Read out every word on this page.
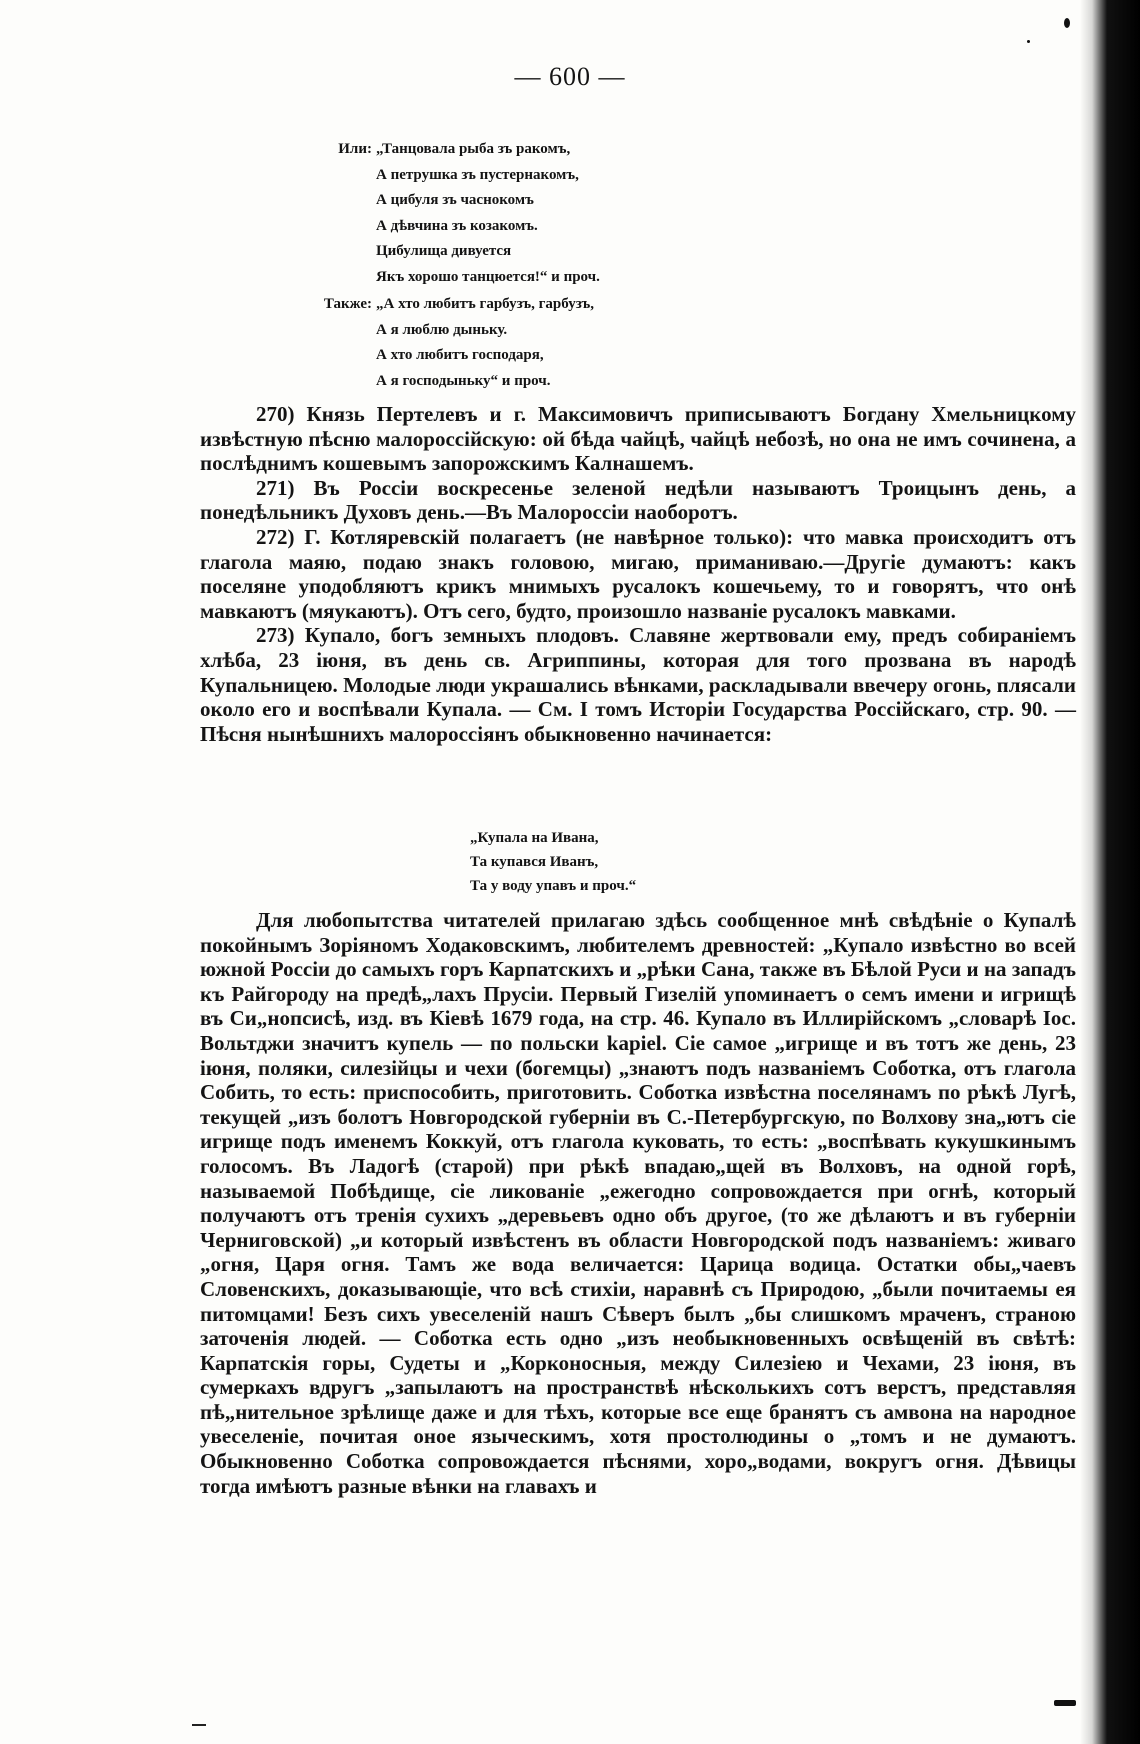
— 600 —
Или: „Танцовала рыба зъ ракомъ,
А петрушка зъ пустернакомъ,
А цибуля зъ часнокомъ
А дѣвчина зъ козакомъ.
Цибулища дивуется
Якъ хорошо танцюется!“ и проч.
Также: „А хто любитъ гарбузъ, гарбузъ,
А я люблю дыньку.
А хто любитъ господаря,
А я господыньку“ и проч.

270) Князь Пертелевъ и г. Максимовичъ приписываютъ Богдану Хмельницкому извѣстную пѣсню малороссійскую: ой бѣда чайцѣ, чайцѣ небозѣ, но она не имъ сочинена, а послѣднимъ кошевымъ запорожскимъ Калнашемъ.

271) Въ Россіи воскресенье зеленой недѣли называютъ Троицынъ день, а понедѣльникъ Духовъ день.—Въ Малороссіи наоборотъ.

272) Г. Котляревскій полагаетъ (не навѣрное только): что мавка происходитъ отъ глагола маяю, подаю знакъ головою, мигаю, приманиваю.—Другіе думаютъ: какъ поселяне уподобляютъ крикъ мнимыхъ русалокъ кошечьему, то и говорятъ, что онѣ мавкаютъ (мяукаютъ). Отъ сего, будто, произошло названіе русалокъ мавками.

273) Купало, богъ земныхъ плодовъ. Славяне жертвовали ему, предъ собираніемъ хлѣба, 23 іюня, въ день св. Агриппины, которая для того прозвана въ народѣ Купальницею. Молодые люди украшались вѣнками, раскладывали ввечеру огонь, плясали около его и воспѣвали Купала. — См. I томъ Исторіи Государства Россійскаго, стр. 90. — Пѣсня нынѣшнихъ малороссіянъ обыкновенно начинается:

„Купала на Ивана,
Та купався Иванъ,
Та у воду упавъ и проч.“

Для любопытства читателей прилагаю здѣсь сообщенное мнѣ свѣдѣніе о Купалѣ покойнымъ Зоріяномъ Ходаковскимъ, любителемъ древностей: „Купало извѣстно во всей южной Россіи до самыхъ горъ Карпатскихъ и „рѣки Сана, также въ Бѣлой Руси и на западъ къ Райгороду на предѣ„лахъ Прусіи. Первый Гизелій упоминаетъ о семъ имени и игрищѣ въ Си„нопсисѣ, изд. въ Кіевѣ 1679 года, на стр. 46. Купало въ Иллирійскомъ „словарѣ Іос. Вольтджи значитъ купель — по польски kapiel. Сіе самое „игрище и въ тотъ же день, 23 іюня, поляки, силезійцы и чехи (богемцы) „знаютъ подъ названіемъ Соботка, отъ глагола Собить, то есть: приспособить, приготовить. Соботка извѣстна поселянамъ по рѣкѣ Лугѣ, текущей „изъ болотъ Новгородской губерніи въ С.-Петербургскую, по Волхову зна„ютъ сіе игрище подъ именемъ Коккуй, отъ глагола куковать, то есть: „воспѣвать кукушкинымъ голосомъ. Въ Ладогѣ (старой) при рѣкѣ впадаю„щей въ Волховъ, на одной горѣ, называемой Побѣдище, сіе ликованіе „ежегодно сопровождается при огнѣ, который получаютъ отъ тренія сухихъ „деревьевъ одно объ другое, (то же дѣлаютъ и въ губерніи Черниговской) „и который извѣстенъ въ области Новгородской подъ названіемъ: живаго „огня, Царя огня. Тамъ же вода величается: Царица водица. Остатки обы„чаевъ Словенскихъ, доказывающіе, что всѣ стихіи, наравнѣ съ Природою, „были почитаемы ея питомцами! Безъ сихъ увеселеній нашъ Сѣверъ былъ „бы слишкомъ мраченъ, страною заточенія людей. — Соботка есть одно „изъ необыкновенныхъ освѣщеній въ свѣтѣ: Карпатскія горы, Судеты и „Корконосныя, между Силезіею и Чехами, 23 іюня, въ сумеркахъ вдругъ „запылаютъ на пространствѣ нѣсколькихъ сотъ верстъ, представляя пѣ„нительное зрѣлище даже и для тѣхъ, которые все еще бранятъ съ амвона на народное увеселеніе, почитая оное языческимъ, хотя простолюдины о „томъ и не думаютъ. Обыкновенно Соботка сопровождается пѣснями, хоро„водами, вокругъ огня. Дѣвицы тогда имѣютъ разные вѣнки на главахъ и
